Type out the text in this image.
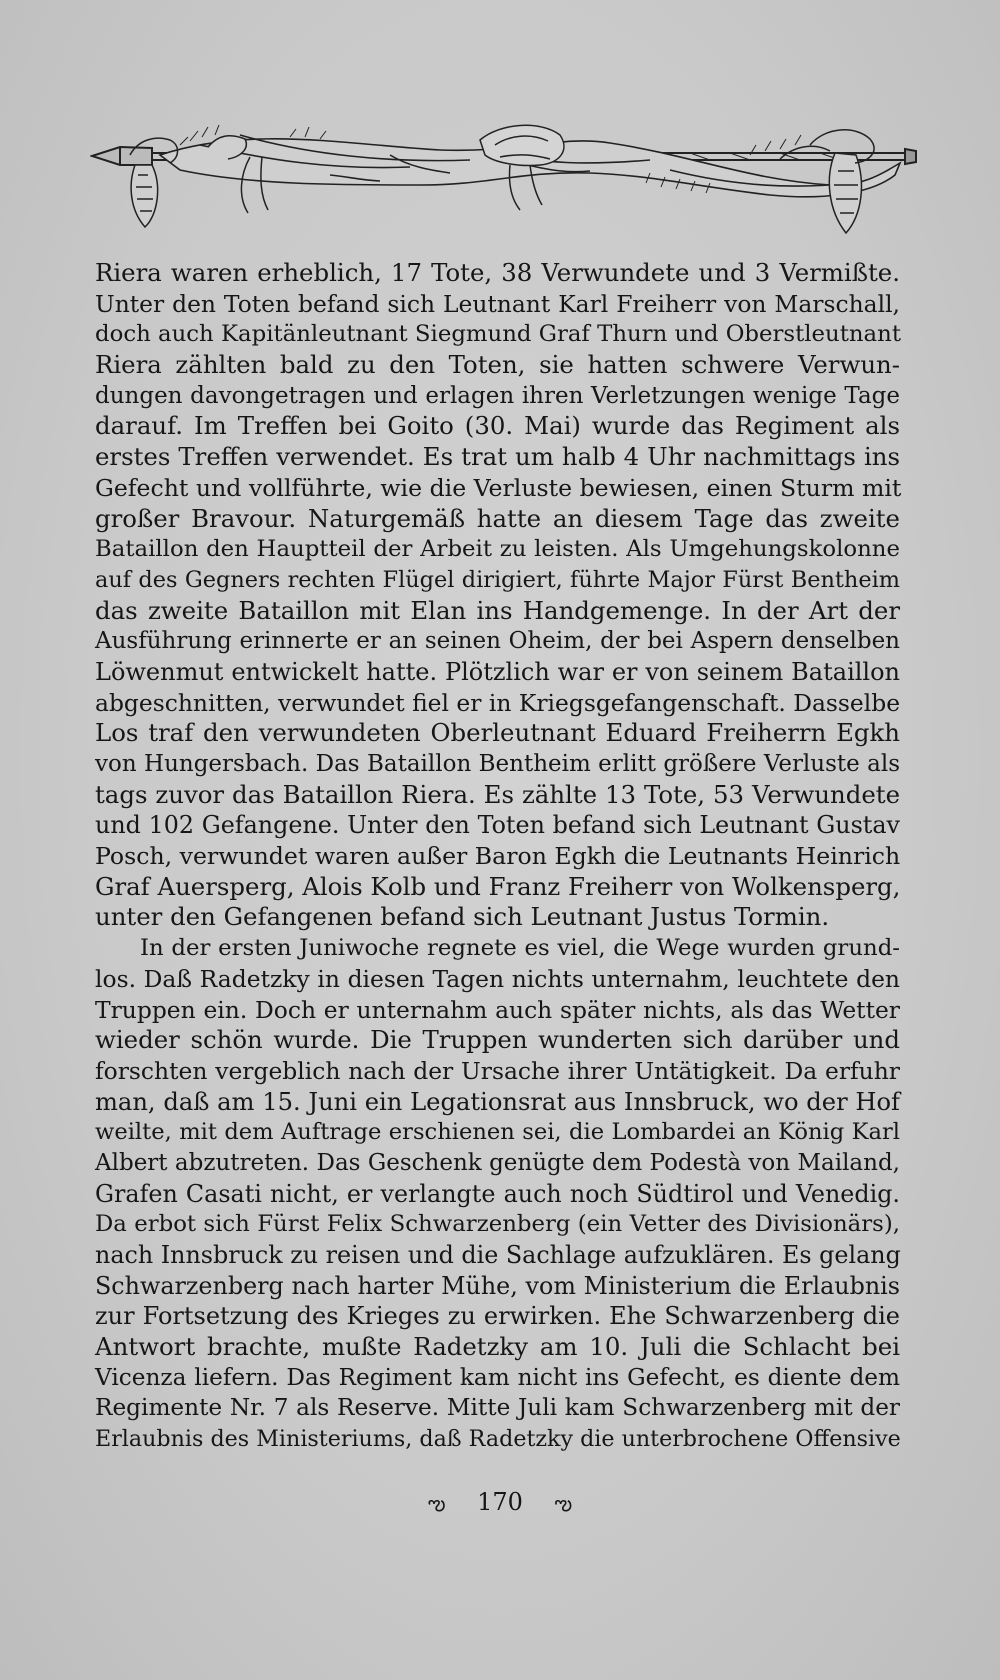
Riera waren erheblich, 17 Tote, 38 Verwundete und 3 Vermißte.
Unter den Toten befand sich Leutnant Karl Freiherr von Marschall,
doch auch Kapitänleutnant Siegmund Graf Thurn und Oberstleutnant
Riera zählten bald zu den Toten, sie hatten schwere Verwun-
dungen davongetragen und erlagen ihren Verletzungen wenige Tage
darauf. Im Treffen bei Goito (30. Mai) wurde das Regiment als
erstes Treffen verwendet. Es trat um halb 4 Uhr nachmittags ins
Gefecht und vollführte, wie die Verluste bewiesen, einen Sturm mit
großer Bravour. Naturgemäß hatte an diesem Tage das zweite
Bataillon den Hauptteil der Arbeit zu leisten. Als Umgehungskolonne
auf des Gegners rechten Flügel dirigiert, führte Major Fürst Bentheim
das zweite Bataillon mit Elan ins Handgemenge. In der Art der
Ausführung erinnerte er an seinen Oheim, der bei Aspern denselben
Löwenmut entwickelt hatte. Plötzlich war er von seinem Bataillon
abgeschnitten, verwundet fiel er in Kriegsgefangenschaft. Dasselbe
Los traf den verwundeten Oberleutnant Eduard Freiherrn Egkh
von Hungersbach. Das Bataillon Bentheim erlitt größere Verluste als
tags zuvor das Bataillon Riera. Es zählte 13 Tote, 53 Verwundete
und 102 Gefangene. Unter den Toten befand sich Leutnant Gustav
Posch, verwundet waren außer Baron Egkh die Leutnants Heinrich
Graf Auersperg, Alois Kolb und Franz Freiherr von Wolkensperg,
unter den Gefangenen befand sich Leutnant Justus Tormin.
In der ersten Juniwoche regnete es viel, die Wege wurden grund-
los. Daß Radetzky in diesen Tagen nichts unternahm, leuchtete den
Truppen ein. Doch er unternahm auch später nichts, als das Wetter
wieder schön wurde. Die Truppen wunderten sich darüber und
forschten vergeblich nach der Ursache ihrer Untätigkeit. Da erfuhr
man, daß am 15. Juni ein Legationsrat aus Innsbruck, wo der Hof
weilte, mit dem Auftrage erschienen sei, die Lombardei an König Karl
Albert abzutreten. Das Geschenk genügte dem Podestà von Mailand,
Grafen Casati nicht, er verlangte auch noch Südtirol und Venedig.
Da erbot sich Fürst Felix Schwarzenberg (ein Vetter des Divisionärs),
nach Innsbruck zu reisen und die Sachlage aufzuklären. Es gelang
Schwarzenberg nach harter Mühe, vom Ministerium die Erlaubnis
zur Fortsetzung des Krieges zu erwirken. Ehe Schwarzenberg die
Antwort brachte, mußte Radetzky am 10. Juli die Schlacht bei
Vicenza liefern. Das Regiment kam nicht ins Gefecht, es diente dem
Regimente Nr. 7 als Reserve. Mitte Juli kam Schwarzenberg mit der
Erlaubnis des Ministeriums, daß Radetzky die unterbrochene Offensive
ఌ 170 ఌ
